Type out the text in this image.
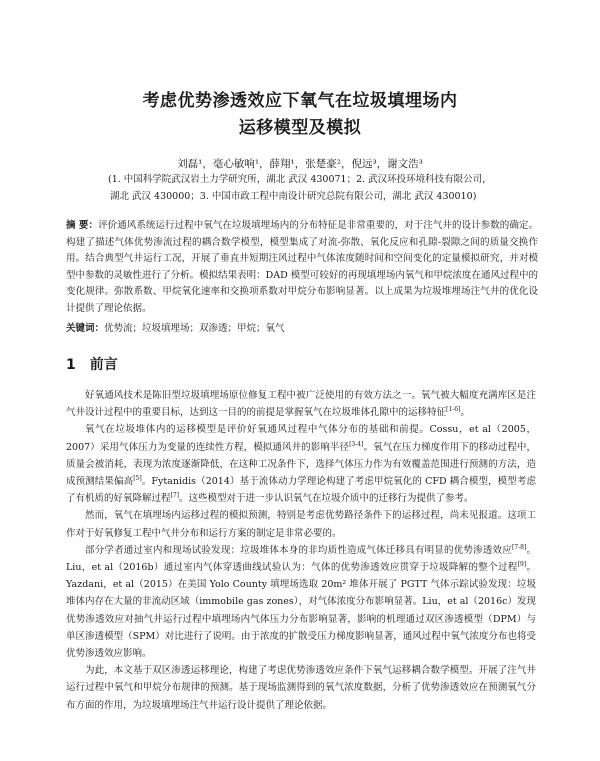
考虑优势渗透效应下氧气在垃圾填埋场内
运移模型及模拟
刘磊¹，毫心敏响¹，薛翔¹，张楚豪²，倪远³，谢文浩³
(1. 中国科学院武汉岩土力学研究所，湖北 武汉 430071；2. 武汉环投环境科技有限公司，
湖北 武汉 430000；3. 中国市政工程中南设计研究总院有限公司，湖北 武汉 430010)
摘 要：评价通风系统运行过程中氧气在垃圾填埋场内的分布特征是非常重要的，对于注气井的设计参数的确定。构建了描述气体优势渗流过程的耦合数学模型，模型集成了对流-弥散、氧化反应和孔隙-裂隙之间的质量交换作用。结合典型气井运行工况，开展了垂直井短期注风过程中气体浓度随时间和空间变化的定量模拟研究，并对模型中参数的灵敏性进行了分析。模拟结果表明：DAD 模型可较好的再现填埋场内氧气和甲烷浓度在通风过程中的变化规律。弥散系数、甲烷氧化速率和交换项系数对甲烷分布影响显著。以上成果为垃圾堆埋场注气井的优化设计提供了理论依据。
关键词：优势流；垃圾填埋场；双渗透；甲烷；氧气
1 前言

好氧通风技术是陈旧型垃圾填埋场原位修复工程中被广泛使用的有效方法之一。氧气被大幅度充满库区是注气井设计过程中的重要目标，达到这一目的的前提是掌握氧气在垃圾堆体孔隙中的运移特征[1-6]。

氧气在垃圾堆体内的运移模型是评价好氧通风过程中气体分布的基础和前提。Cossu，et al（2005，2007）采用气体压力为变量的连续性方程，模拟通风井的影响半径[3-4]。氧气在压力梯度作用下的移动过程中，质量会被消耗，表现为浓度逐渐降低，在这种工况条件下，选择气体压力作为有效覆盖范围进行预测的方法，造成预测结果偏高[5]。Fytanidis（2014）基于流体动力学理论构建了考虑甲烷氧化的 CFD 耦合模型，模型考虑了有机质的好氧降解过程[7]。这些模型对于进一步认识氧气在垃圾介质中的迁移行为提供了参考。

然而，氧气在填埋场内运移过程的模拟预测，特别是考虑优势路径条件下的运移过程，尚未见报道。这项工作对于好氧修复工程中气井分布和运行方案的制定是非常必要的。

部分学者通过室内和现场试验发现：垃圾堆体本身的非均质性造成气体迁移具有明显的优势渗透效应[7-8]。Liu，et al（2016b）通过室内气体穿透曲线试验认为：气体的优势渗透效应贯穿于垃圾降解的整个过程[9]。Yazdani，et al（2015）在美国 Yolo County 填埋场选取 20m² 堆体开展了 PGTT 气体示踪试验发现：垃圾堆体内存在大量的非流动区域（immobile gas zones），对气体浓度分布影响显著。Liu，et al（2016c）发现优势渗透效应对抽气井运行过程中填埋场内气体压力分布影响显著，影响的机理通过双区渗透模型（DPM）与单区渗透模型（SPM）对比进行了说明。由于浓度的扩散受压力梯度影响显著，通风过程中氧气浓度分布也将受优势渗透效应影响。

为此，本文基于双区渗透运移理论，构建了考虑优势渗透效应条件下氧气运移耦合数学模型。开展了注气井运行过程中氧气和甲烷分布规律的预测。基于现场监测得到的氧气浓度数据，分析了优势渗透效应在预测氧气分布方面的作用，为垃圾填埋场注气井运行设计提供了理论依据。
